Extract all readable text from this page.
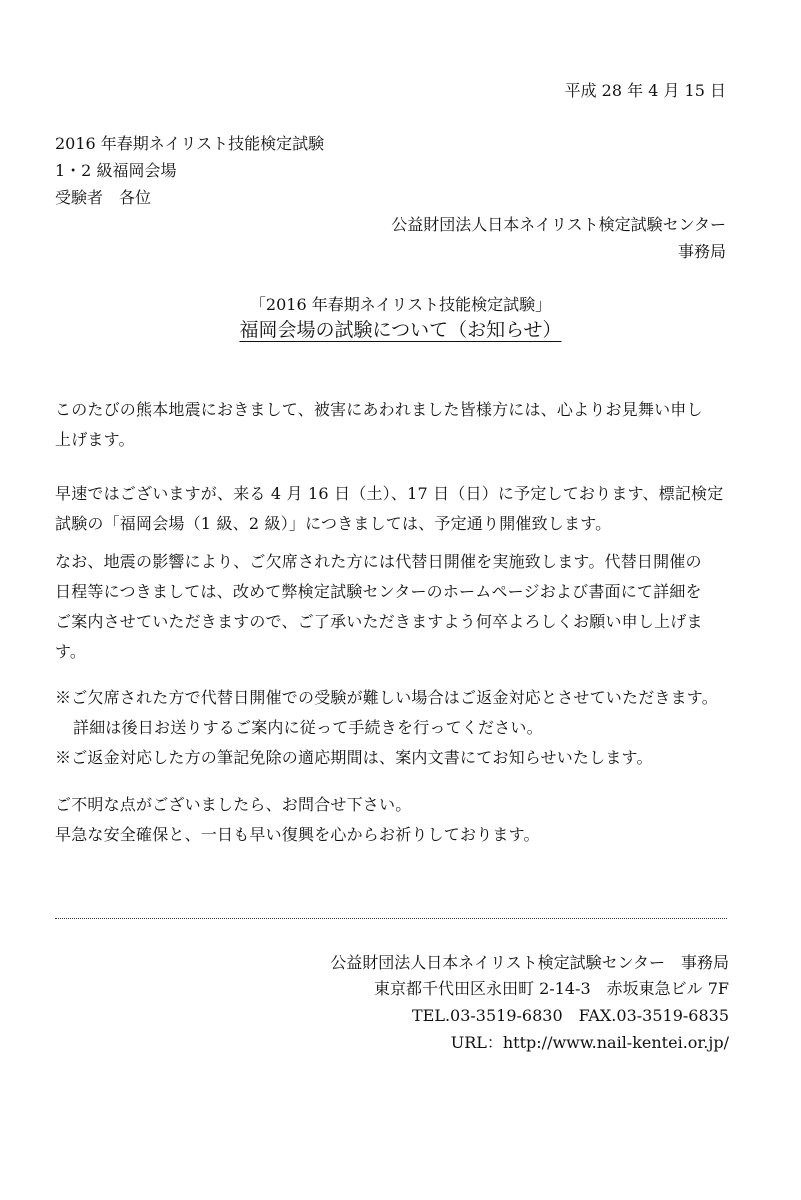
平成 28 年 4 月 15 日
2016 年春期ネイリスト技能検定試験
1・2 級福岡会場
受験者　各位
公益財団法人日本ネイリスト検定試験センター
事務局
「2016 年春期ネイリスト技能検定試験」
福岡会場の試験について（お知らせ）
このたびの熊本地震におきまして、被害にあわれました皆様方には、心よりお見舞い申し
上げます。
早速ではございますが、来る 4 月 16 日（土）、17 日（日）に予定しております、標記検定
試験の「福岡会場（1 級、2 級）」につきましては、予定通り開催致します。
なお、地震の影響により、ご欠席された方には代替日開催を実施致します。代替日開催の
日程等につきましては、改めて弊検定試験センターのホームページおよび書面にて詳細を
ご案内させていただきますので、ご了承いただきますよう何卒よろしくお願い申し上げま
す。
※ご欠席された方で代替日開催での受験が難しい場合はご返金対応とさせていただきます。
詳細は後日お送りするご案内に従って手続きを行ってください。
※ご返金対応した方の筆記免除の適応期間は、案内文書にてお知らせいたします。
ご不明な点がございましたら、お問合せ下さい。
早急な安全確保と、一日も早い復興を心からお祈りしております。
公益財団法人日本ネイリスト検定試験センター　事務局
東京都千代田区永田町 2-14-3　赤坂東急ビル 7F
TEL.03-3519-6830　FAX.03-3519-6835
URL：http://www.nail-kentei.or.jp/
